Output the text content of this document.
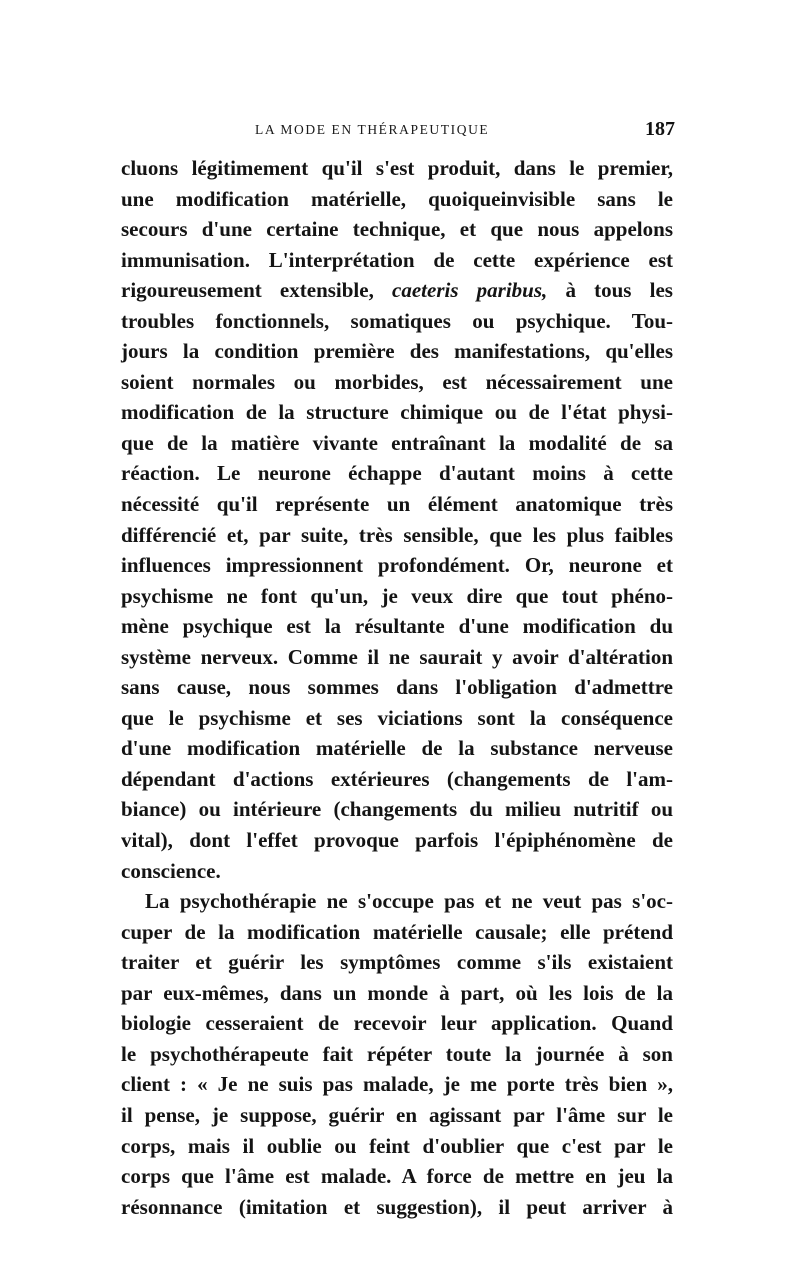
LA MODE EN THÉRAPEUTIQUE	187
cluons légitimement qu'il s'est produit, dans le premier,
une modification matérielle, quoiqueinvisible sans le
secours d'une certaine technique, et que nous appelons
immunisation. L'interprétation de cette expérience est
rigoureusement extensible, caeteris paribus, à tous les
troubles fonctionnels, somatiques ou psychique. Tou-
jours la condition première des manifestations, qu'elles
soient normales ou morbides, est nécessairement une
modification de la structure chimique ou de l'état physi-
que de la matière vivante entraînant la modalité de sa
réaction. Le neurone échappe d'autant moins à cette
nécessité qu'il représente un élément anatomique très
différencié et, par suite, très sensible, que les plus faibles
influences impressionnent profondément. Or, neurone et
psychisme ne font qu'un, je veux dire que tout phéno-
mène psychique est la résultante d'une modification du
système nerveux. Comme il ne saurait y avoir d'altération
sans cause, nous sommes dans l'obligation d'admettre
que le psychisme et ses viciations sont la conséquence
d'une modification matérielle de la substance nerveuse
dépendant d'actions extérieures (changements de l'am-
biance) ou intérieure (changements du milieu nutritif ou
vital), dont l'effet provoque parfois l'épiphénomène de
conscience.
La psychothérapie ne s'occupe pas et ne veut pas s'oc-
cuper de la modification matérielle causale; elle prétend
traiter et guérir les symptômes comme s'ils existaient
par eux-mêmes, dans un monde à part, où les lois de la
biologie cesseraient de recevoir leur application. Quand
le psychothérapeute fait répéter toute la journée à son
client : « Je ne suis pas malade, je me porte très bien »,
il pense, je suppose, guérir en agissant par l'âme sur le
corps, mais il oublie ou feint d'oublier que c'est par le
corps que l'âme est malade. A force de mettre en jeu la
résonnance (imitation et suggestion), il peut arriver à
